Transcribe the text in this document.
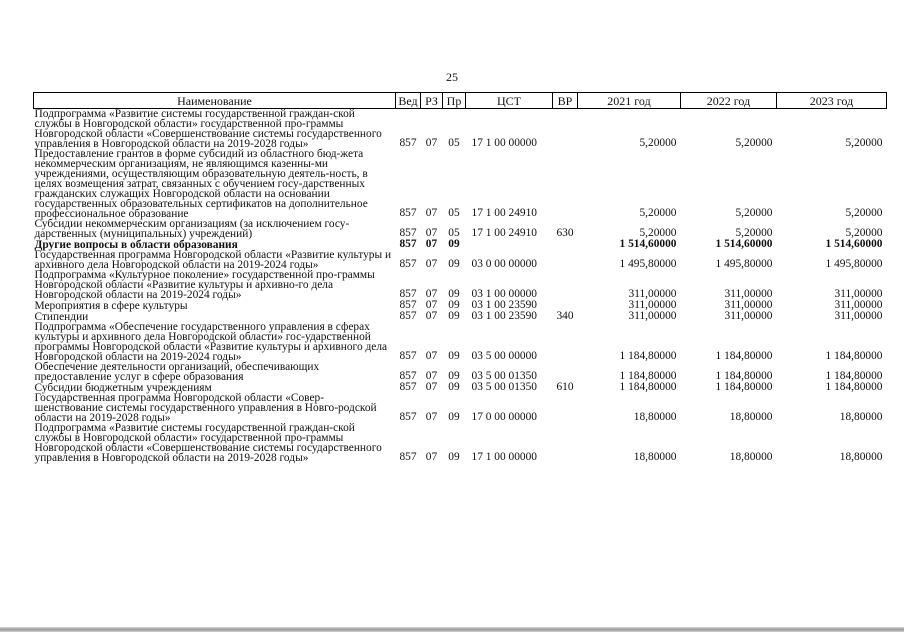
25
Наименование	Вед	РЗ	Пр	ЦСТ	ВР	2021 год	2022 год	2023 год
Подпрограмма «Развитие системы государственной граждан-ской службы в Новгородской области» государственной про-граммы Новгородской области «Совершенствование системы государственного управления в Новгородской области на 2019-2028 годы»	857	07	05	17 1 00 00000		5,20000	5,20000	5,20000
Предоставление грантов в форме субсидий из областного бюд-жета некоммерческим организациям, не являющимся казенны-ми учреждениями, осуществляющим образовательную деятель-ность, в целях возмещения затрат, связанных с обучением госу-дарственных гражданских служащих Новгородской области на основании государственных образовательных сертификатов на дополнительное профессиональное образование	857	07	05	17 1 00 24910		5,20000	5,20000	5,20000
Субсидии некоммерческим организациям (за исключением госу-дарственных (муниципальных) учреждений)	857	07	05	17 1 00 24910	630	5,20000	5,20000	5,20000
Другие вопросы в области образования	857	07	09			1 514,60000	1 514,60000	1 514,60000
Государственная программа Новгородской области «Развитие культуры и архивного дела Новгородской области на 2019-2024 годы»	857	07	09	03 0 00 00000		1 495,80000	1 495,80000	1 495,80000
Подпрограмма «Культурное поколение» государственной про-граммы Новгородской области «Развитие культуры и архивно-го дела Новгородской области на 2019-2024 годы»	857	07	09	03 1 00 00000		311,00000	311,00000	311,00000
Мероприятия в сфере культуры	857	07	09	03 1 00 23590		311,00000	311,00000	311,00000
Стипендии	857	07	09	03 1 00 23590	340	311,00000	311,00000	311,00000
Подпрограмма «Обеспечение государственного управления в сферах культуры и архивного дела Новгородской области» гос-ударственной программы Новгородской области «Развитие культуры и архивного дела Новгородской области на 2019-2024 годы»	857	07	09	03 5 00 00000		1 184,80000	1 184,80000	1 184,80000
Обеспечение деятельности организаций, обеспечивающих предоставление услуг в сфере образования	857	07	09	03 5 00 01350		1 184,80000	1 184,80000	1 184,80000
Субсидии бюджетным учреждениям	857	07	09	03 5 00 01350	610	1 184,80000	1 184,80000	1 184,80000
Государственная программа Новгородской области «Совер-шенствование системы государственного управления в Новго-родской области на 2019-2028 годы»	857	07	09	17 0 00 00000		18,80000	18,80000	18,80000
Подпрограмма «Развитие системы государственной граждан-ской службы в Новгородской области» государственной про-граммы Новгородской области «Совершенствование системы государственного управления в Новгородской области на 2019-2028 годы»	857	07	09	17 1 00 00000		18,80000	18,80000	18,80000
